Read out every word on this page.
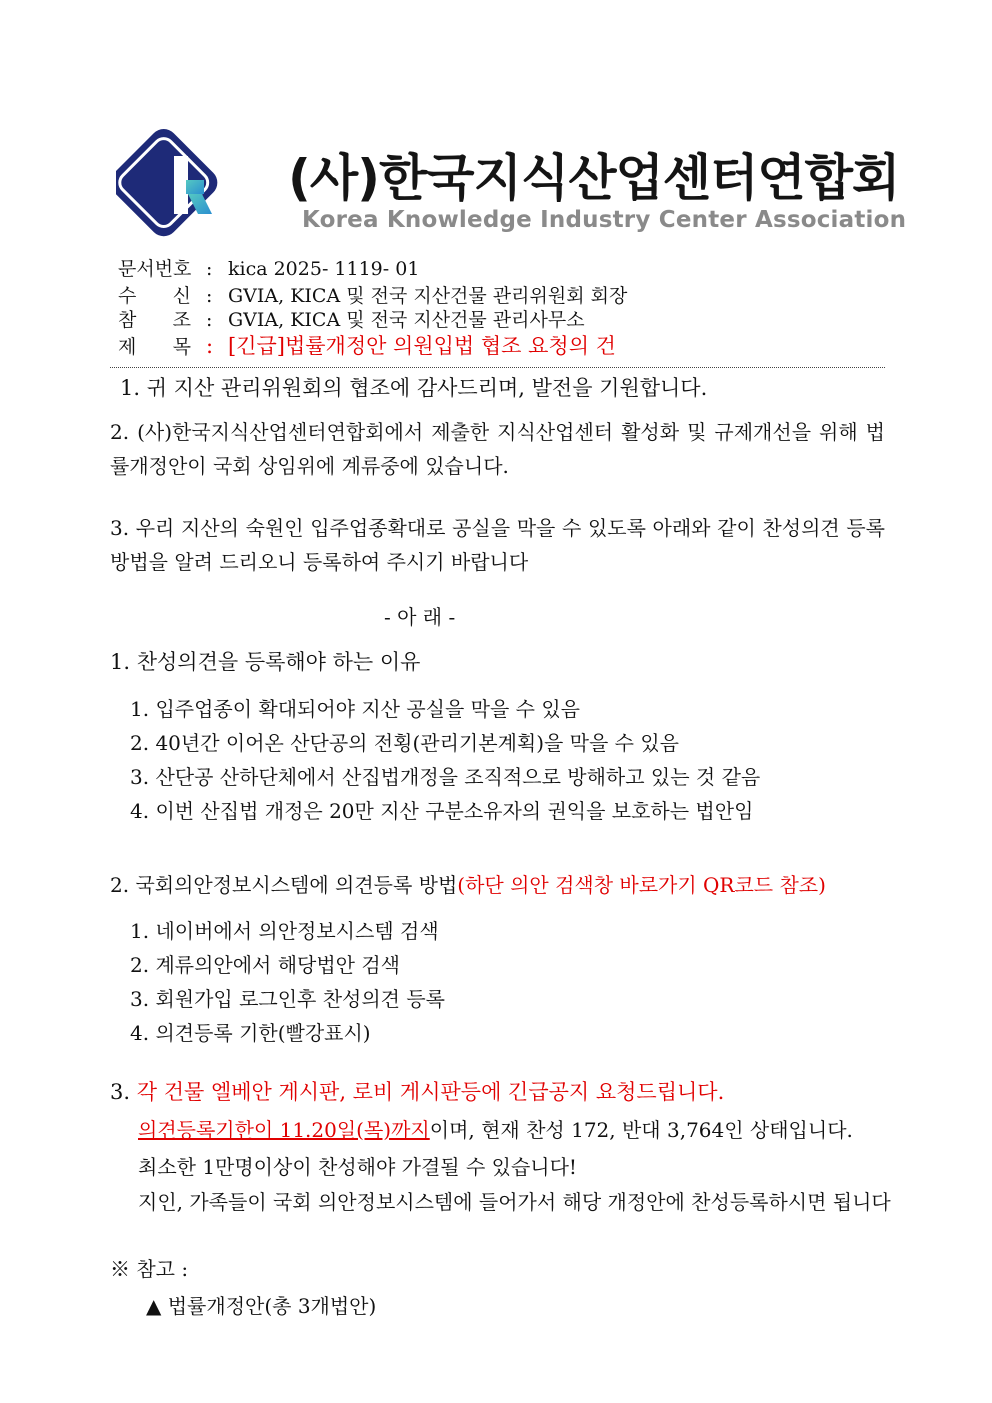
(사)한국지식산업센터연합회
Korea Knowledge Industry Center Association
문서번호 : kica 2025- 1119- 01
수      신 : GVIA, KICA 및 전국 지산건물 관리위원회 회장
참      조 : GVIA, KICA 및 전국 지산건물 관리사무소
제      목 : [긴급]법률개정안 의원입법 협조 요청의 건
1. 귀 지산 관리위원회의 협조에 감사드리며, 발전을 기원합니다.
2. (사)한국지식산업센터연합회에서 제출한 지식산업센터 활성화 및 규제개선을 위해 법률개정안이 국회 상임위에 계류중에 있습니다.
3. 우리 지산의 숙원인 입주업종확대로 공실을 막을 수 있도록 아래와 같이 찬성의견 등록 방법을 알려 드리오니 등록하여 주시기 바랍니다
- 아 래 -
1. 찬성의견을 등록해야 하는 이유
1. 입주업종이 확대되어야 지산 공실을 막을 수 있음
2. 40년간 이어온 산단공의 전횡(관리기본계획)을 막을 수 있음
3. 산단공 산하단체에서 산집법개정을 조직적으로 방해하고 있는 것 같음
4. 이번 산집법 개정은 20만 지산 구분소유자의 권익을 보호하는 법안임
2. 국회의안정보시스템에 의견등록 방법(하단 의안 검색창 바로가기 QR코드 참조)
1. 네이버에서 의안정보시스템 검색
2. 계류의안에서 해당법안 검색
3. 회원가입 로그인후 찬성의견 등록
4. 의견등록 기한(빨강표시)
3. 각 건물 엘베안 게시판, 로비 게시판등에 긴급공지 요청드립니다.
의견등록기한이 11.20일(목)까지이며, 현재 찬성 172, 반대 3,764인 상태입니다.
최소한 1만명이상이 찬성해야 가결될 수 있습니다!
지인, 가족들이 국회 의안정보시스템에 들어가서 해당 개정안에 찬성등록하시면 됩니다
※ 참고 :
▲ 법률개정안(총 3개법안)
